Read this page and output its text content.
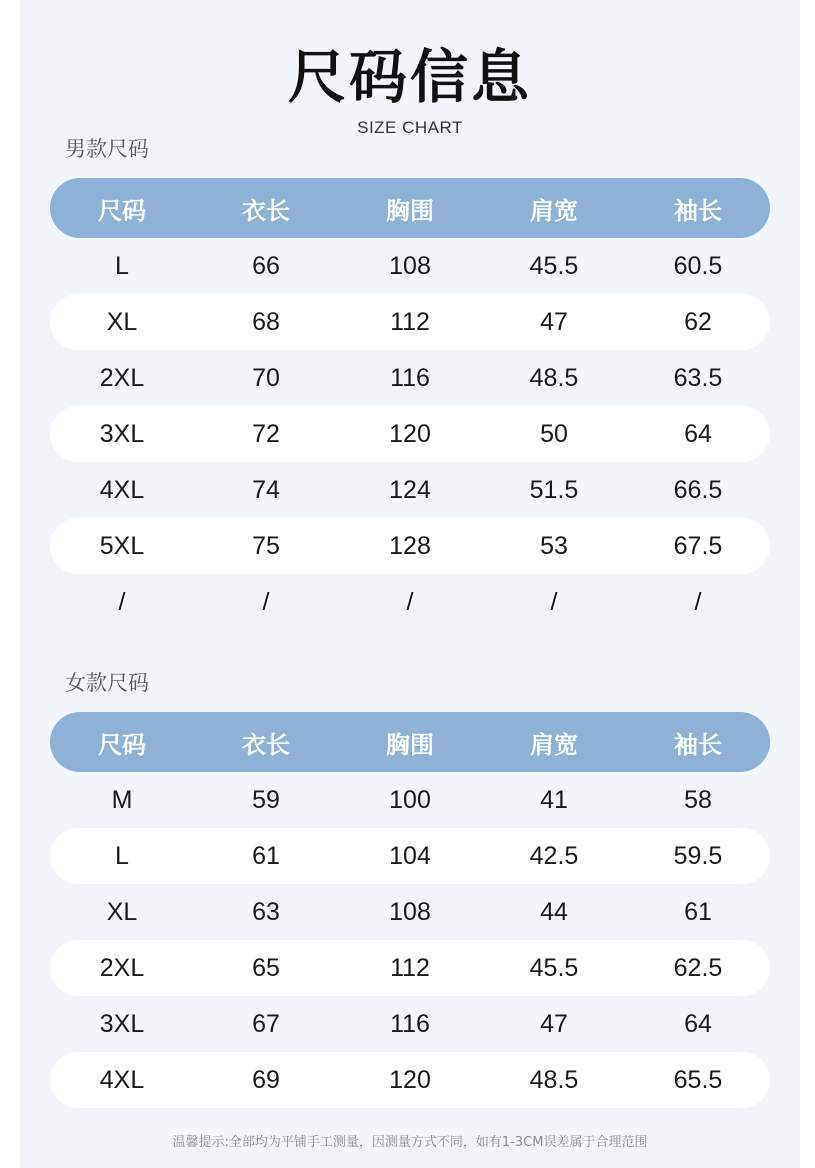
尺码信息
SIZE CHART
男款尺码
尺码	衣长	胸围	肩宽	袖长
L	66	108	45.5	60.5
XL	68	112	47	62
2XL	70	116	48.5	63.5
3XL	72	120	50	64
4XL	74	124	51.5	66.5
5XL	75	128	53	67.5
/	/	/	/	/
女款尺码
尺码	衣长	胸围	肩宽	袖长
M	59	100	41	58
L	61	104	42.5	59.5
XL	63	108	44	61
2XL	65	112	45.5	62.5
3XL	67	116	47	64
4XL	69	120	48.5	65.5
温馨提示:全部均为平铺手工测量，因测量方式不同，如有1-3CM误差属于合理范围
